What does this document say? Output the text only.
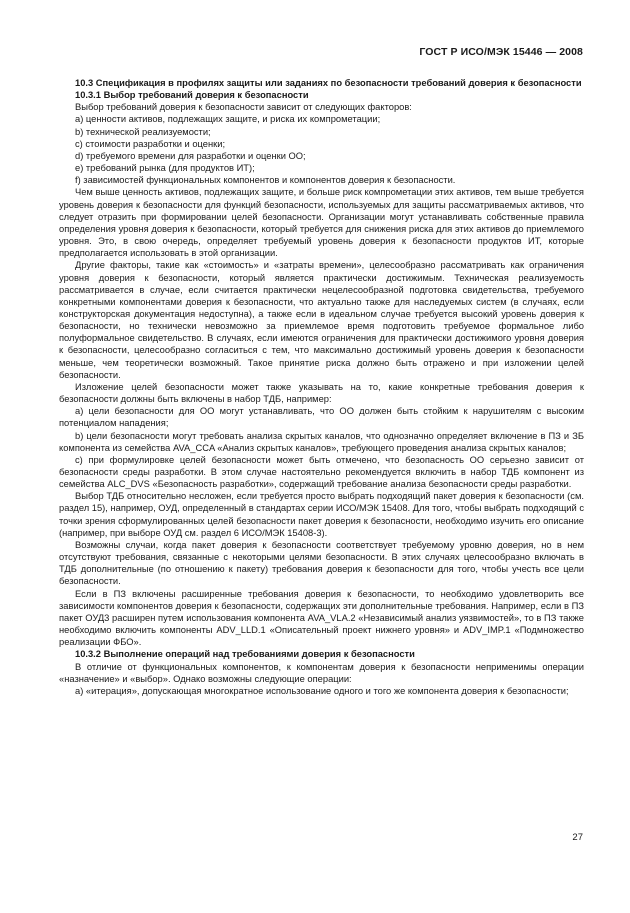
ГОСТ Р ИСО/МЭК 15446 — 2008

10.3 Спецификация в профилях защиты или заданиях по безопасности требований доверия к безопасности

10.3.1 Выбор требований доверия к безопасности

Выбор требований доверия к безопасности зависит от следующих факторов:

а) ценности активов, подлежащих защите, и риска их компрометации;

b) технической реализуемости;

с) стоимости разработки и оценки;

d) требуемого времени для разработки и оценки ОО;

е) требований рынка (для продуктов ИТ);

f) зависимостей функциональных компонентов и компонентов доверия к безопасности.

Чем выше ценность активов, подлежащих защите, и больше риск компрометации этих активов, тем выше требуется уровень доверия к безопасности для функций безопасности, используемых для защиты рассматриваемых активов, что следует отразить при формировании целей безопасности. Организации могут устанавливать собственные правила определения уровня доверия к безопасности, который требуется для снижения риска для этих активов до приемлемого уровня. Это, в свою очередь, определяет требуемый уровень доверия к безопасности продуктов ИТ, которые предполагается использовать в этой организации.

Другие факторы, такие как «стоимость» и «затраты времени», целесообразно рассматривать как ограничения уровня доверия к безопасности, который является практически достижимым. Техническая реализуемость рассматривается в случае, если считается практически нецелесообразной подготовка свидетельства, требуемого конкретными компонентами доверия к безопасности, что актуально также для наследуемых систем (в случаях, если конструкторская документация недоступна), а также если в идеальном случае требуется высокий уровень доверия к безопасности, но технически невозможно за приемлемое время подготовить требуемое формальное либо полуформальное свидетельство. В случаях, если имеются ограничения для практически достижимого уровня доверия к безопасности, целесообразно согласиться с тем, что максимально достижимый уровень доверия к безопасности меньше, чем теоретически возможный. Такое принятие риска должно быть отражено и при изложении целей безопасности.

Изложение целей безопасности может также указывать на то, какие конкретные требования доверия к безопасности должны быть включены в набор ТДБ, например:

а) цели безопасности для ОО могут устанавливать, что ОО должен быть стойким к нарушителям с высоким потенциалом нападения;

b) цели безопасности могут требовать анализа скрытых каналов, что однозначно определяет включение в ПЗ и ЗБ компонента из семейства AVA_CCA «Анализ скрытых каналов», требующего проведения анализа скрытых каналов;

с) при формулировке целей безопасности может быть отмечено, что безопасность ОО серьезно зависит от безопасности среды разработки. В этом случае настоятельно рекомендуется включить в набор ТДБ компонент из семейства ALC_DVS «Безопасность разработки», содержащий требование анализа безопасности среды разработки.

Выбор ТДБ относительно несложен, если требуется просто выбрать подходящий пакет доверия к безопасности (см. раздел 15), например, ОУД, определенный в стандартах серии ИСО/МЭК 15408. Для того, чтобы выбрать подходящий с точки зрения сформулированных целей безопасности пакет доверия к безопасности, необходимо изучить его описание (например, при выборе ОУД см. раздел 6 ИСО/МЭК 15408-3).

Возможны случаи, когда пакет доверия к безопасности соответствует требуемому уровню доверия, но в нем отсутствуют требования, связанные с некоторыми целями безопасности. В этих случаях целесообразно включать в ТДБ дополнительные (по отношению к пакету) требования доверия к безопасности для того, чтобы учесть все цели безопасности.

Если в ПЗ включены расширенные требования доверия к безопасности, то необходимо удовлетворить все зависимости компонентов доверия к безопасности, содержащих эти дополнительные требования. Например, если в ПЗ пакет ОУД3 расширен путем использования компонента AVA_VLA.2 «Независимый анализ уязвимостей», то в ПЗ также необходимо включить компоненты ADV_LLD.1 «Описательный проект нижнего уровня» и ADV_IMP.1 «Подмножество реализации ФБО».

10.3.2 Выполнение операций над требованиями доверия к безопасности

В отличие от функциональных компонентов, к компонентам доверия к безопасности неприменимы операции «назначение» и «выбор». Однако возможны следующие операции:

а) «итерация», допускающая многократное использование одного и того же компонента доверия к безопасности;

27
